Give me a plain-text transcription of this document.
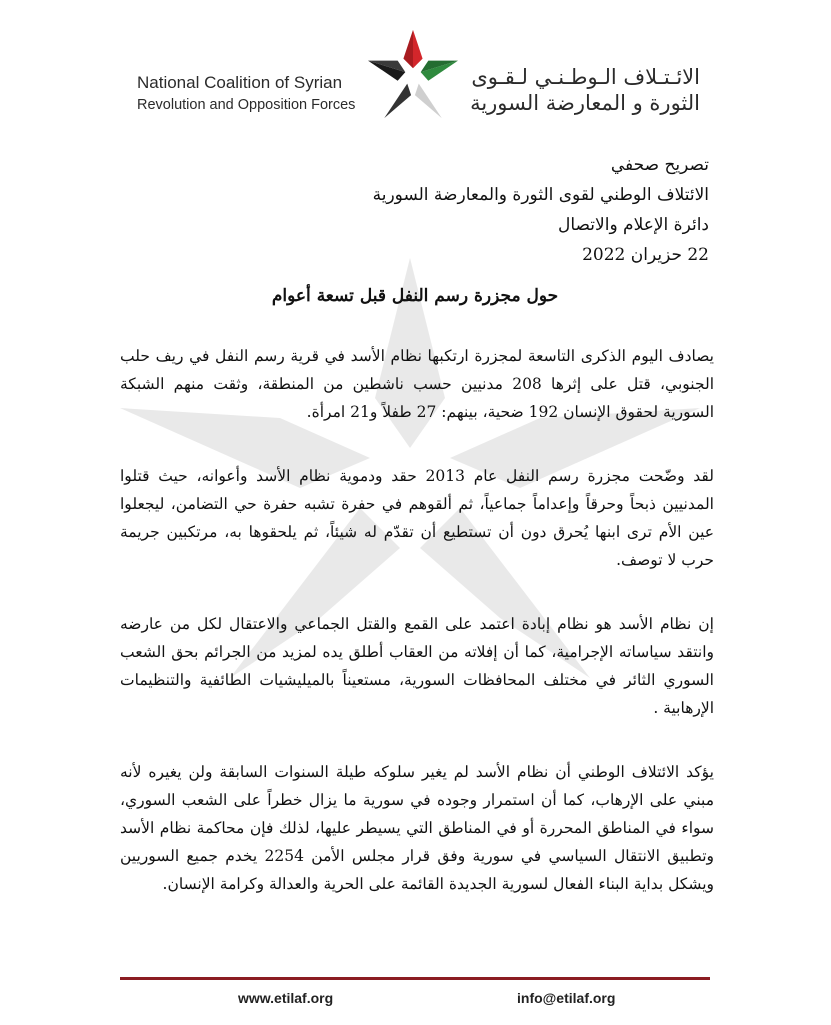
National Coalition of Syrian
Revolution and Opposition Forces
الائـتـلاف الـوطـنـي لـقـوى
الثورة و المعارضة السورية
تصريح صحفي
الائتلاف الوطني لقوى الثورة والمعارضة السورية
دائرة الإعلام والاتصال
22 حزيران 2022
حول مجزرة رسم النفل قبل تسعة أعوام

يصادف اليوم الذكرى التاسعة لمجزرة ارتكبها نظام الأسد في قرية رسم النفل في ريف حلب الجنوبي، قتل على إثرها 208 مدنيين حسب ناشطين من المنطقة، وثقت منهم الشبكة السورية لحقوق الإنسان 192 ضحية، بينهم: 27 طفلاً و21 امرأة.

لقد وضّحت مجزرة رسم النفل عام 2013 حقد ودموية نظام الأسد وأعوانه، حيث قتلوا المدنيين ذبحاً وحرقاً وإعداماً جماعياً، ثم ألقوهم في حفرة تشبه حفرة حي التضامن، ليجعلوا عين الأم ترى ابنها يُحرق دون أن تستطيع أن تقدّم له شيئاً، ثم يلحقوها به، مرتكبين جريمة حرب لا توصف.

إن نظام الأسد هو نظام إبادة اعتمد على القمع والقتل الجماعي والاعتقال لكل من عارضه وانتقد سياساته الإجرامية، كما أن إفلاته من العقاب أطلق يده لمزيد من الجرائم بحق الشعب السوري الثائر في مختلف المحافظات السورية، مستعيناً بالميليشيات الطائفية والتنظيمات الإرهابية .

يؤكد الائتلاف الوطني أن نظام الأسد لم يغير سلوكه طيلة السنوات السابقة ولن يغيره لأنه مبني على الإرهاب، كما أن استمرار وجوده في سورية ما يزال خطراً على الشعب السوري، سواء في المناطق المحررة أو في المناطق التي يسيطر عليها، لذلك فإن محاكمة نظام الأسد وتطبيق الانتقال السياسي في سورية وفق قرار مجلس الأمن 2254 يخدم جميع السوريين ويشكل بداية البناء الفعال لسورية الجديدة القائمة على الحرية والعدالة وكرامة الإنسان.

www.etilaf.org	info@etilaf.org
